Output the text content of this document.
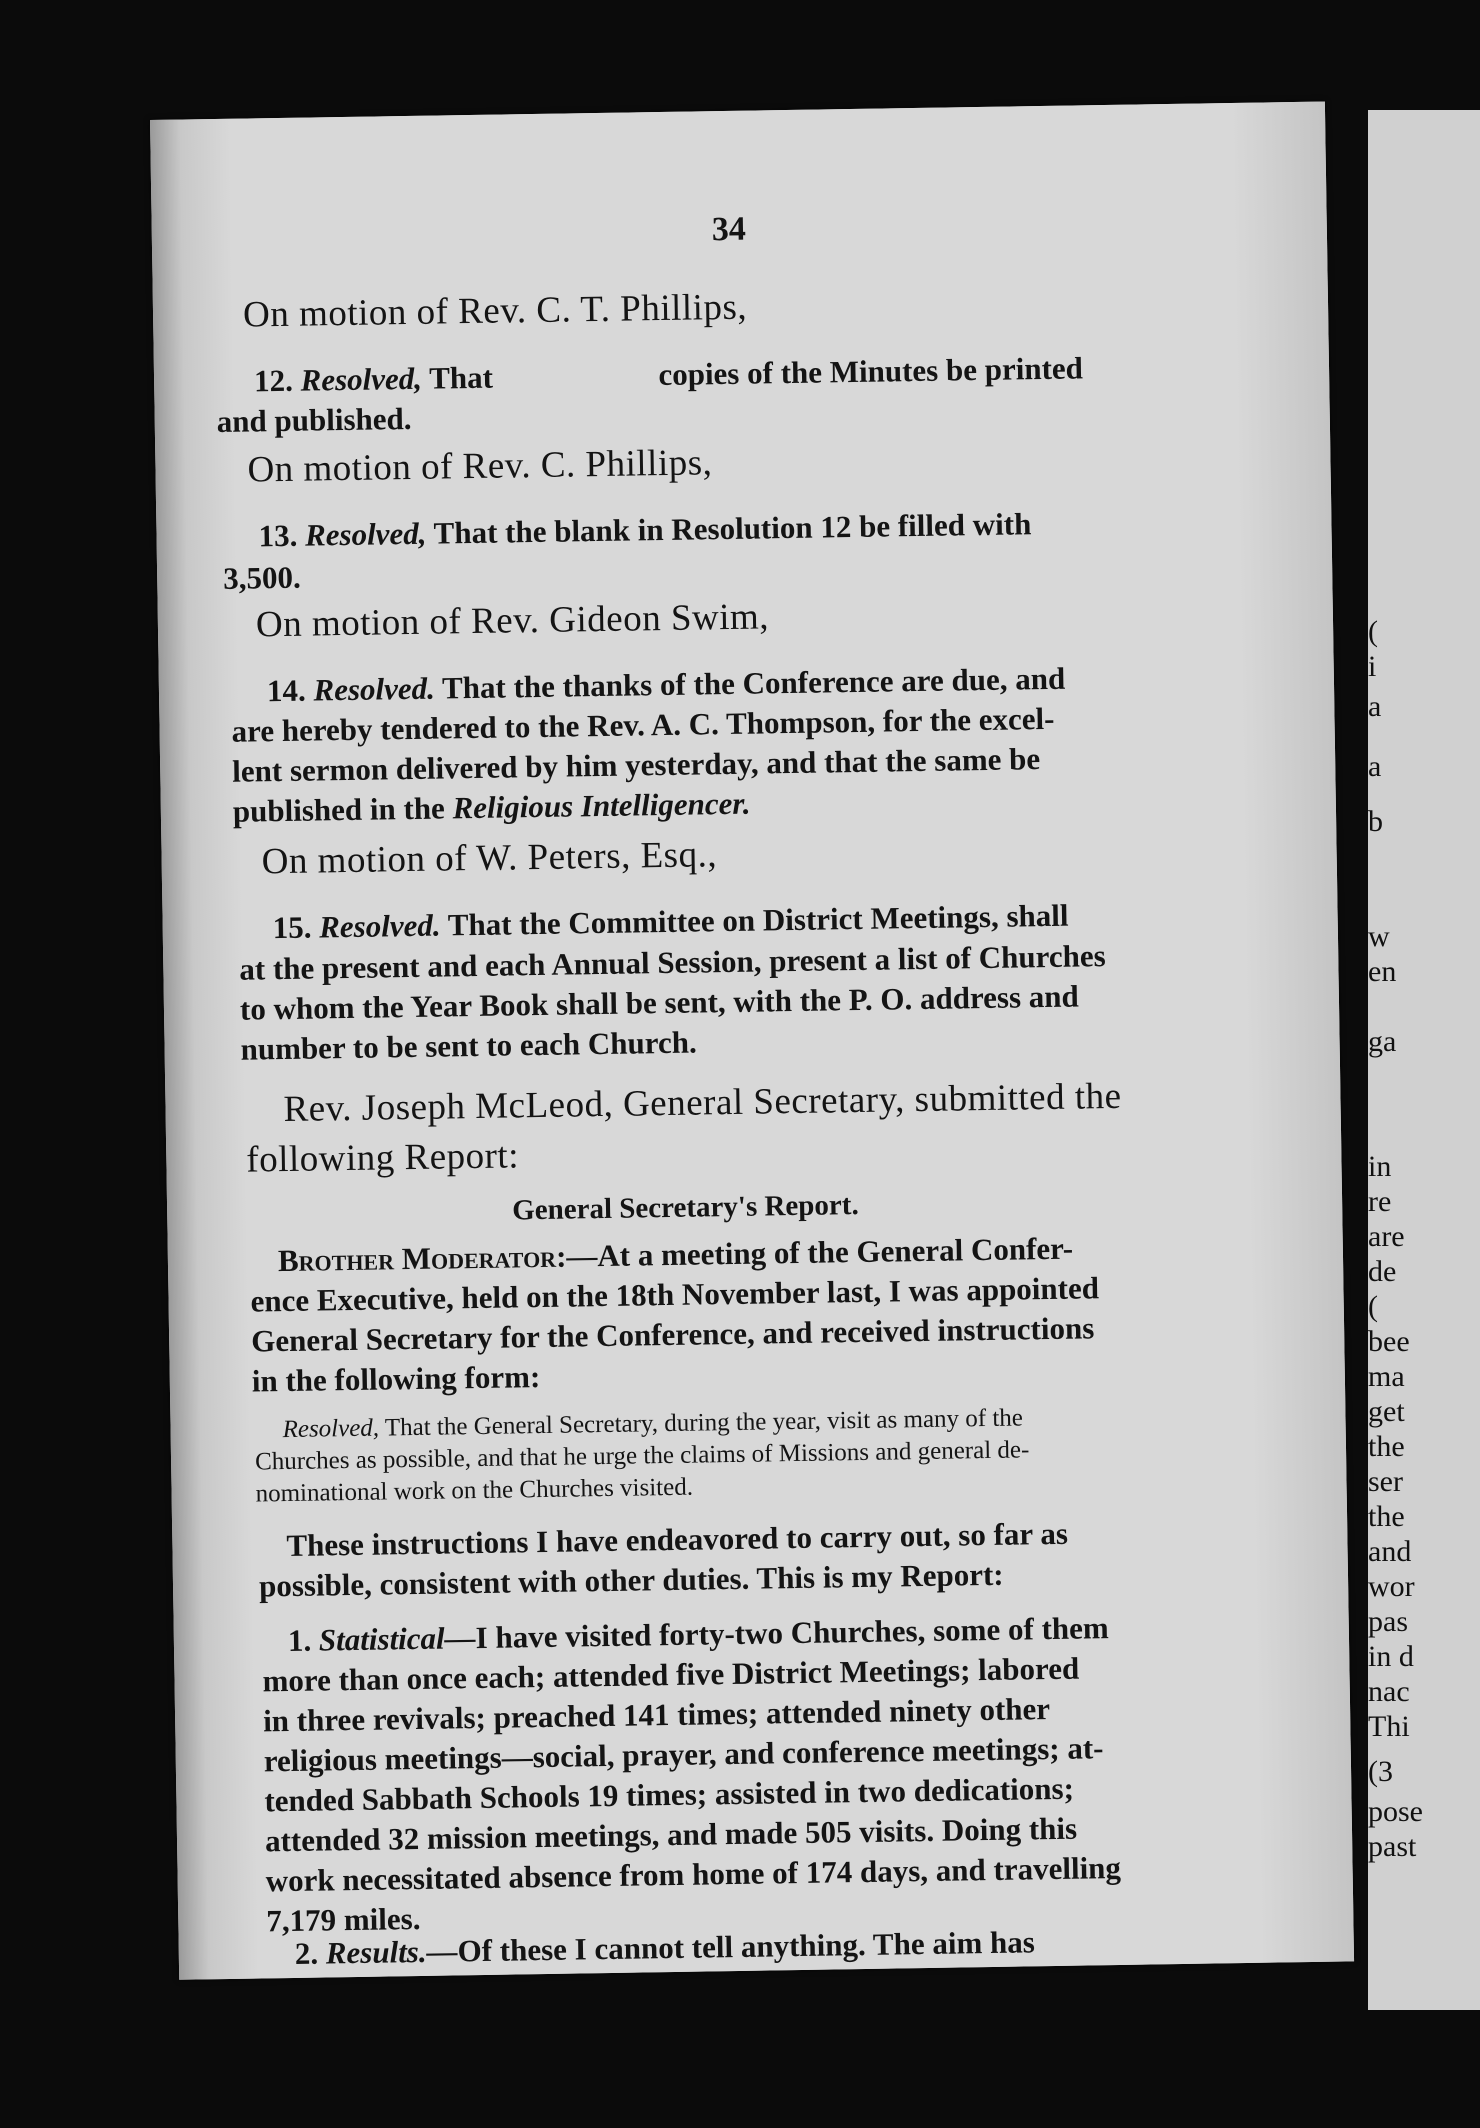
34
On motion of Rev. C. T. Phillips,
12. Resolved, That	copies of the Minutes be printed
and published.
On motion of Rev. C. Phillips,
13. Resolved, That the blank in Resolution 12 be filled with
3,500.
On motion of Rev. Gideon Swim,
14. Resolved. That the thanks of the Conference are due, and
are hereby tendered to the Rev. A. C. Thompson, for the excel-
lent sermon delivered by him yesterday, and that the same be
published in the Religious Intelligencer.
On motion of W. Peters, Esq.,
15. Resolved. That the Committee on District Meetings, shall
at the present and each Annual Session, present a list of Churches
to whom the Year Book shall be sent, with the P. O. address and
number to be sent to each Church.
Rev. Joseph McLeod, General Secretary, submitted the
following Report:
General Secretary's Report.
Brother Moderator:—At a meeting of the General Confer-
ence Executive, held on the 18th November last, I was appointed
General Secretary for the Conference, and received instructions
in the following form:
Resolved, That the General Secretary, during the year, visit as many of the
Churches as possible, and that he urge the claims of Missions and general de-
nominational work on the Churches visited.
These instructions I have endeavored to carry out, so far as
possible, consistent with other duties. This is my Report:
1. Statistical—I have visited forty-two Churches, some of them
more than once each; attended five District Meetings; labored
in three revivals; preached 141 times; attended ninety other
religious meetings—social, prayer, and conference meetings; at-
tended Sabbath Schools 19 times; assisted in two dedications;
attended 32 mission meetings, and made 505 visits. Doing this
work necessitated absence from home of 174 days, and travelling
7,179 miles.
2. Results.—Of these I cannot tell anything. The aim has
(
i
a
a
b
w
en
ga
in
re
are
de
(
bee
ma
get
the
ser
the
and
wor
pas
in d
nac
Thi
(3
pose
past
